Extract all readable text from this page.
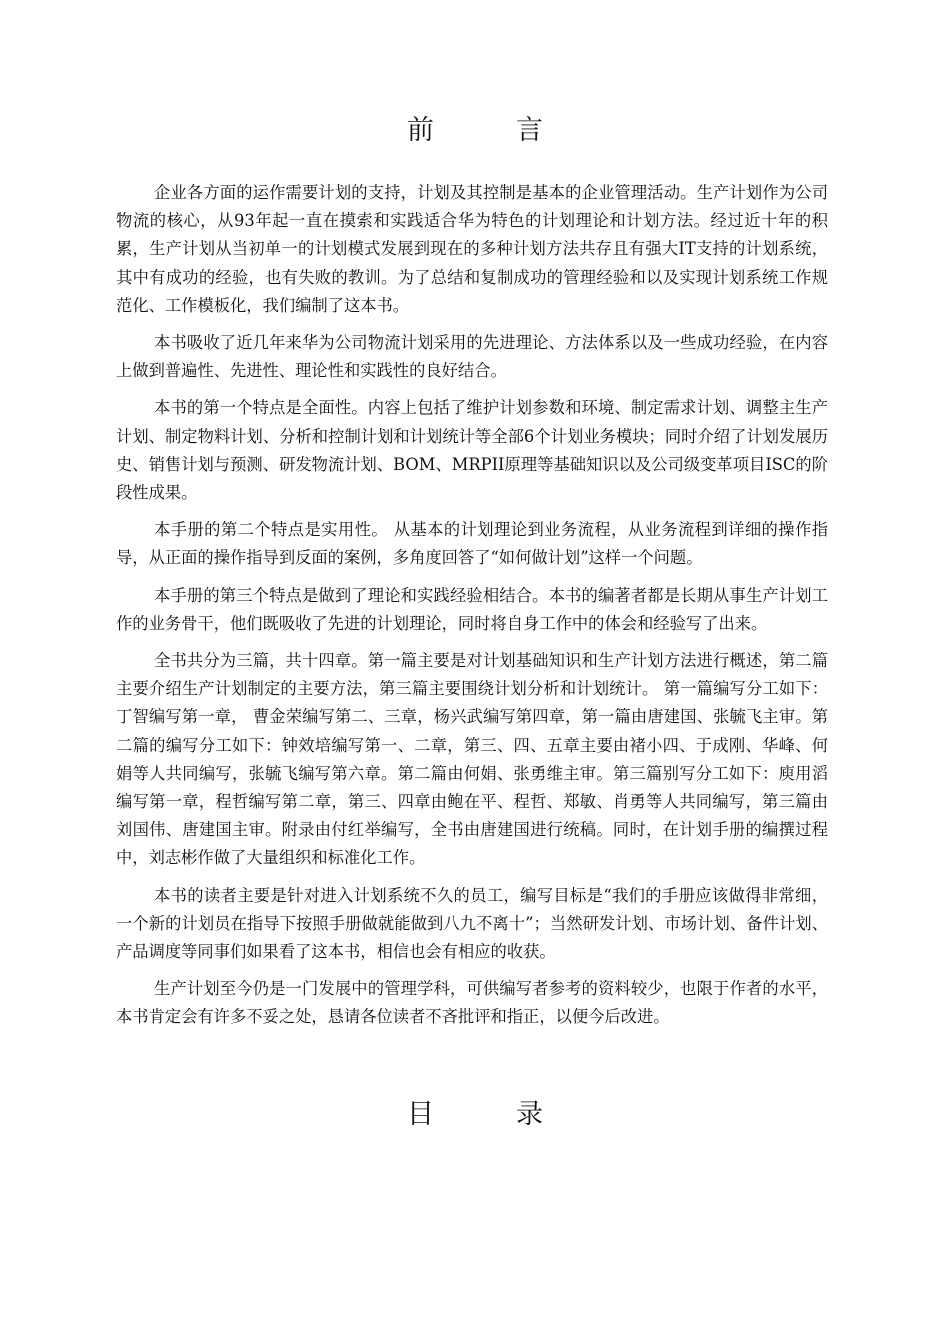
前	言

企业各方面的运作需要计划的支持，计划及其控制是基本的企业管理活动。生产计划作为公司物流的核心，从93年起一直在摸索和实践适合华为特色的计划理论和计划方法。经过近十年的积累，生产计划从当初单一的计划模式发展到现在的多种计划方法共存且有强大IT支持的计划系统，其中有成功的经验，也有失败的教训。为了总结和复制成功的管理经验和以及实现计划系统工作规范化、工作模板化，我们编制了这本书。

本书吸收了近几年来华为公司物流计划采用的先进理论、方法体系以及一些成功经验，在内容上做到普遍性、先进性、理论性和实践性的良好结合。

本书的第一个特点是全面性。内容上包括了维护计划参数和环境、制定需求计划、调整主生产计划、制定物料计划、分析和控制计划和计划统计等全部6个计划业务模块；同时介绍了计划发展历史、销售计划与预测、研发物流计划、BOM、MRPII原理等基础知识以及公司级变革项目ISC的阶段性成果。

本手册的第二个特点是实用性。 从基本的计划理论到业务流程，从业务流程到详细的操作指导，从正面的操作指导到反面的案例，多角度回答了“如何做计划”这样一个问题。

本手册的第三个特点是做到了理论和实践经验相结合。本书的编著者都是长期从事生产计划工作的业务骨干，他们既吸收了先进的计划理论，同时将自身工作中的体会和经验写了出来。

全书共分为三篇，共十四章。第一篇主要是对计划基础知识和生产计划方法进行概述，第二篇主要介绍生产计划制定的主要方法，第三篇主要围绕计划分析和计划统计。 第一篇编写分工如下：丁智编写第一章， 曹金荣编写第二、三章，杨兴武编写第四章，第一篇由唐建国、张毓飞主审。第二篇的编写分工如下：钟效培编写第一、二章，第三、四、五章主要由褚小四、于成刚、华峰、何娟等人共同编写，张毓飞编写第六章。第二篇由何娟、张勇维主审。第三篇别写分工如下：庾用滔编写第一章，程哲编写第二章，第三、四章由鲍在平、程哲、郑敏、肖勇等人共同编写，第三篇由刘国伟、唐建国主审。附录由付红举编写，全书由唐建国进行统稿。同时，在计划手册的编撰过程中，刘志彬作做了大量组织和标准化工作。

本书的读者主要是针对进入计划系统不久的员工，编写目标是“我们的手册应该做得非常细，一个新的计划员在指导下按照手册做就能做到八九不离十”；当然研发计划、市场计划、备件计划、产品调度等同事们如果看了这本书，相信也会有相应的收获。

生产计划至今仍是一门发展中的管理学科，可供编写者参考的资料较少，也限于作者的水平，本书肯定会有许多不妥之处，恳请各位读者不吝批评和指正，以便今后改进。

目	录
